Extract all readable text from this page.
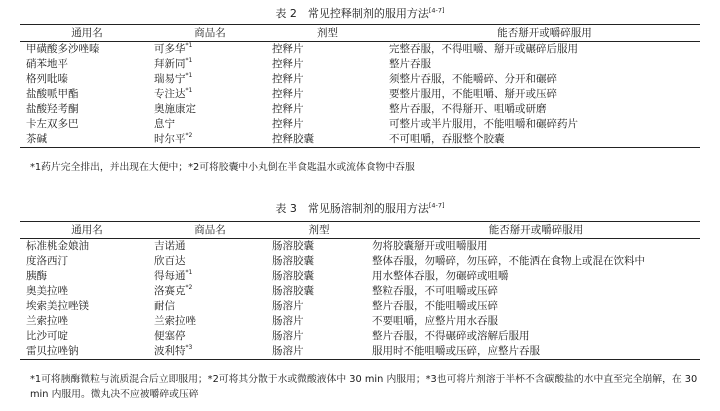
表 2　常见控释制剂的服用方法[4-7]
通用名	商品名	剂型	能否掰开或嚼碎服用
甲磺酸多沙唑嗪	可多华$^{*1}$	控释片	完整吞服，不得咀嚼、掰开或碾碎后服用
硝苯地平	拜新同$^{*1}$	控释片	整片吞服
格列吡嗪	瑞易宁$^{*1}$	控释片	须整片吞服，不能嚼碎、分开和碾碎
盐酸哌甲酯	专注达$^{*1}$	控释片	要整片服用，不能咀嚼、掰开或压碎
盐酸羟考酮	奥施康定	控释片	整片吞服，不得掰开、咀嚼或研磨
卡左双多巴	息宁	控释片	可整片或半片服用，不能咀嚼和碾碎药片
茶碱	时尔平$^{*2}$	控释胶囊	不可咀嚼，吞服整个胶囊
*1药片完全排出，并出现在大便中；*2可将胶囊中小丸倒在半食匙温水或流体食物中吞服
表 3　常见肠溶制剂的服用方法[4-7]
通用名	商品名	剂型	能否掰开或嚼碎服用
标准桃金娘油	吉诺通	肠溶胶囊	勿将胶囊掰开或咀嚼服用
度洛西汀	欣百达	肠溶胶囊	整体吞服，勿嚼碎，勿压碎，不能洒在食物上或混在饮料中
胰酶	得每通$^{*1}$	肠溶胶囊	用水整体吞服，勿碾碎或咀嚼
奥美拉唑	洛赛克$^{*2}$	肠溶胶囊	整粒吞服，不可咀嚼或压碎
埃索美拉唑镁	耐信	肠溶片	整片吞服，不能咀嚼或压碎
兰索拉唑	兰索拉唑	肠溶片	不要咀嚼，应整片用水吞服
比沙可啶	便塞停	肠溶片	整片吞服，不得碾碎或溶解后服用
雷贝拉唑钠	波利特$^{*3}$	肠溶片	服用时不能咀嚼或压碎，应整片吞服
*1可将胰酶微粒与流质混合后立即服用；*2可将其分散于水或微酸液体中 30 min 内服用；*3也可将片剂溶于半杯不含碳酸盐的水中直至完全崩解，在 30 min 内服用。微丸决不应被嚼碎或压碎
